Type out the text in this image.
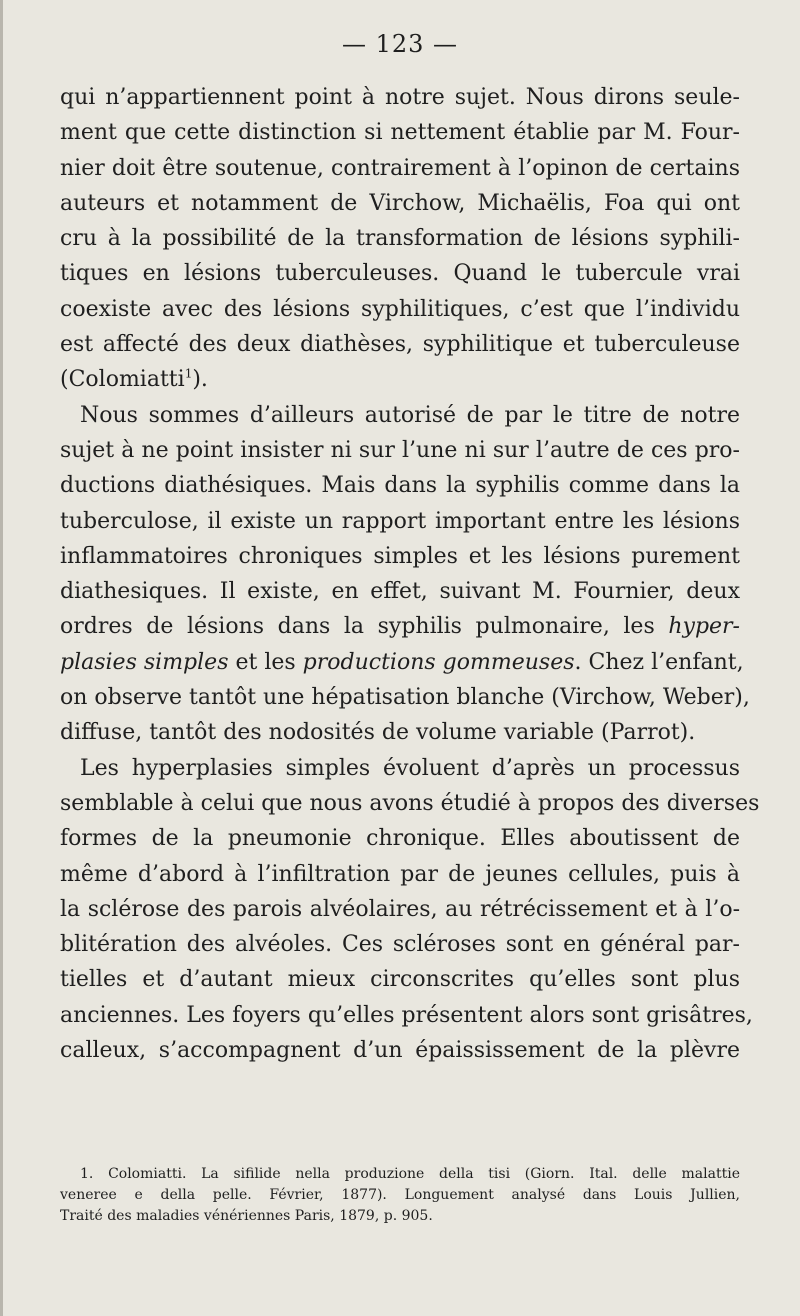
— 123 —
qui n’appartiennent point à notre sujet. Nous dirons seule-
ment que cette distinction si nettement établie par M. Four-
nier doit être soutenue, contrairement à l’opinon de certains
auteurs et notamment de Virchow, Michaëlis, Foa qui ont
cru à la possibilité de la transformation de lésions syphili-
tiques en lésions tuberculeuses. Quand le tubercule vrai
coexiste avec des lésions syphilitiques, c’est que l’individu
est affecté des deux diathèses, syphilitique et tuberculeuse
(Colomiatti$^1$).
Nous sommes d’ailleurs autorisé de par le titre de notre
sujet à ne point insister ni sur l’une ni sur l’autre de ces pro-
ductions diathésiques. Mais dans la syphilis comme dans la
tuberculose, il existe un rapport important entre les lésions
inflammatoires chroniques simples et les lésions purement
diathesiques. Il existe, en effet, suivant M. Fournier, deux
ordres de lésions dans la syphilis pulmonaire, les hyper-
plasies simples et les productions gommeuses. Chez l’enfant,
on observe tantôt une hépatisation blanche (Virchow, Weber),
diffuse, tantôt des nodosités de volume variable (Parrot).
Les hyperplasies simples évoluent d’après un processus
semblable à celui que nous avons étudié à propos des diverses
formes de la pneumonie chronique. Elles aboutissent de
même d’abord à l’infiltration par de jeunes cellules, puis à
la sclérose des parois alvéolaires, au rétrécissement et à l’o-
blitération des alvéoles. Ces scléroses sont en général par-
tielles et d’autant mieux circonscrites qu’elles sont plus
anciennes. Les foyers qu’elles présentent alors sont grisâtres,
calleux, s’accompagnent d’un épaississement de la plèvre
1. Colomiatti. La sifilide nella produzione della tisi (Giorn. Ital. delle malattie
venerее e della pelle. Février, 1877). Longuement analysé dans Louis Jullien,
Traité des maladies vénériennes Paris, 1879, p. 905.
